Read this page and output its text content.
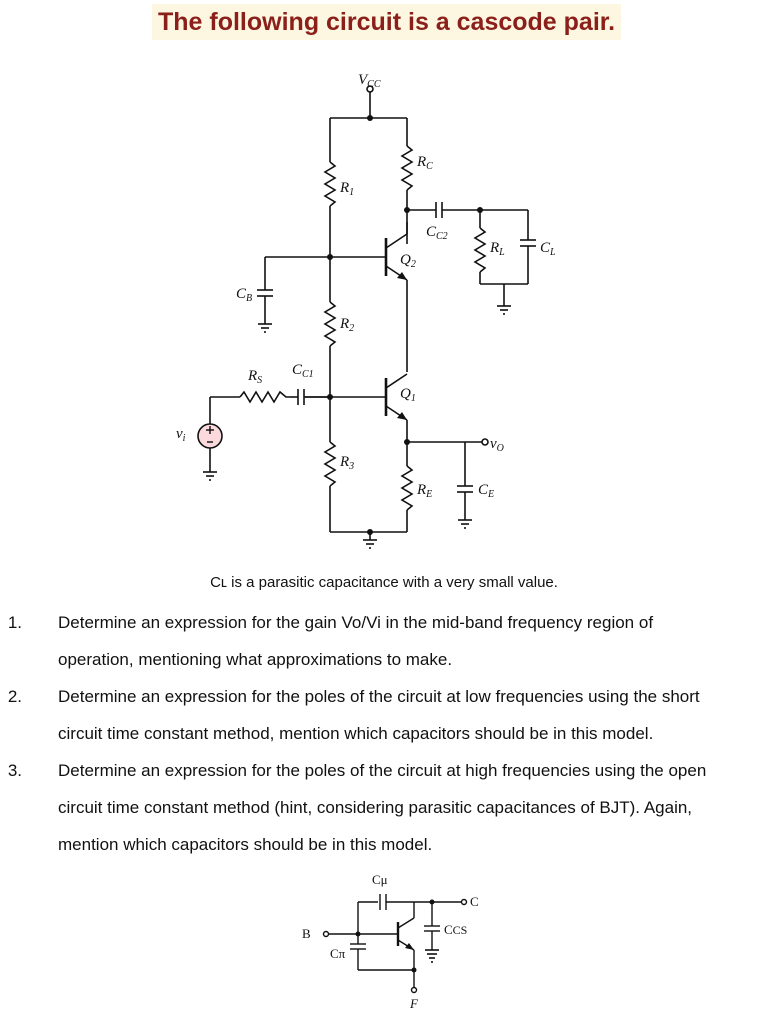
The following circuit is a cascode pair.
$V_{CC}$
$R_C$
$R_1$
$C_{C2}$
$R_L$ $C_L$
$Q_2$
$C_B$
$R_2$
$R_S$
$C_{C1}$
$Q_1$
$v_i$	$v_O$
$R_3$
$R_E$	$C_E$
Cʟ is a parasitic capacitance with a very small value.
1. Determine an expression for the gain Vo/Vi in the mid-band frequency region of
operation, mentioning what approximations to make.
2. Determine an expression for the poles of the circuit at low frequencies using the short
circuit time constant method, mention which capacitors should be in this model.
3. Determine an expression for the poles of the circuit at high frequencies using the open
circuit time constant method (hint, considering parasitic capacitances of BJT). Again,
mention which capacitors should be in this model.
Cμ
Cπ
CCS
B
C
F
